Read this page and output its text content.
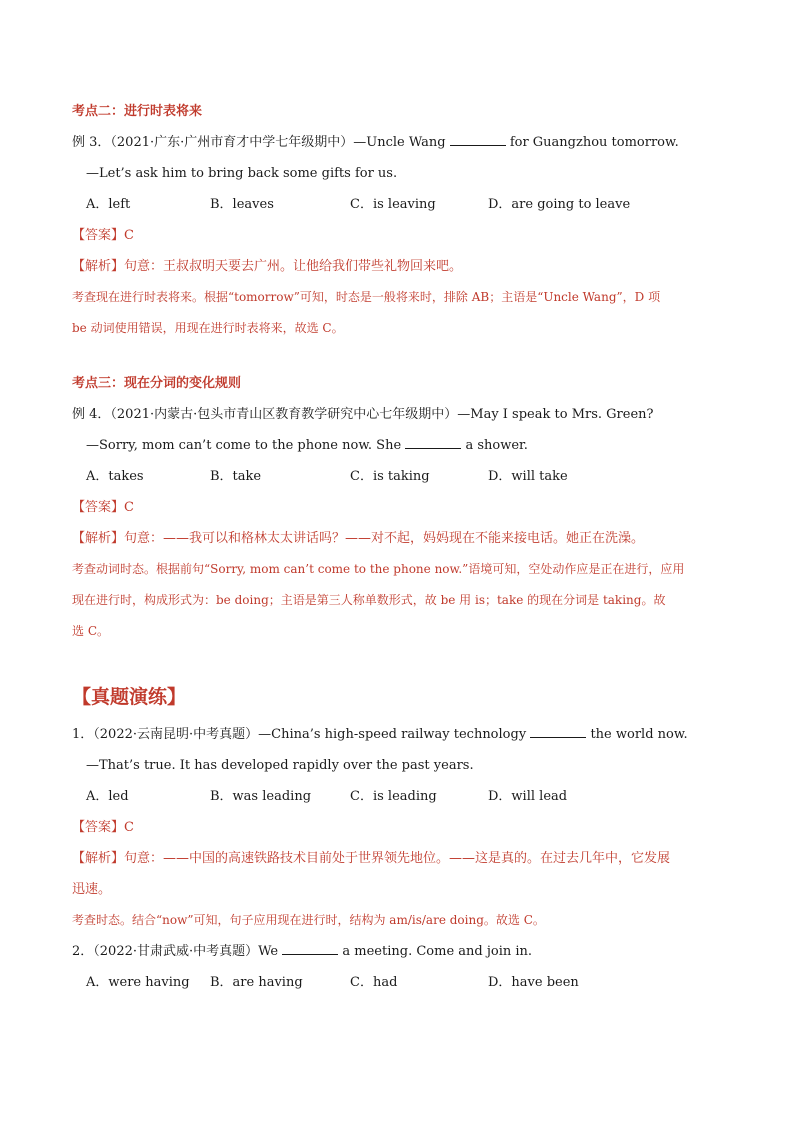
考点二：进行时表将来
例 3．（2021·广东·广州市育才中学七年级期中）—Uncle Wang	for Guangzhou tomorrow.
—Let’s ask him to bring back some gifts for us.
A．left	B．leaves	C．is leaving	D．are going to leave
【答案】C
【解析】句意：王叔叔明天要去广州。让他给我们带些礼物回来吧。
考查现在进行时表将来。根据“tomorrow”可知，时态是一般将来时，排除 AB；主语是“Uncle Wang”，D 项
be 动词使用错误，用现在进行时表将来，故选 C。
考点三：现在分词的变化规则
例 4．（2021·内蒙古·包头市青山区教育教学研究中心七年级期中）—May I speak to Mrs. Green?
—Sorry, mom can’t come to the phone now. She	a shower.
A．takes	B．take	C．is taking	D．will take
【答案】C
【解析】句意：——我可以和格林太太讲话吗？——对不起，妈妈现在不能来接电话。她正在洗澡。
考查动词时态。根据前句“Sorry, mom can’t come to the phone now.”语境可知，空处动作应是正在进行，应用
现在进行时，构成形式为：be doing；主语是第三人称单数形式，故 be 用 is；take 的现在分词是 taking。故
选 C。
【真题演练】
1．（2022·云南昆明·中考真题）—China’s high-speed railway technology	the world now.
—That’s true. It has developed rapidly over the past years.
A．led	B．was leading	C．is leading	D．will lead
【答案】C
【解析】句意：——中国的高速铁路技术目前处于世界领先地位。——这是真的。在过去几年中，它发展
迅速。
考查时态。结合“now”可知，句子应用现在进行时，结构为 am/is/are doing。故选 C。
2．（2022·甘肃武威·中考真题）We	a meeting. Come and join in.
A．were having	B．are having	C．had	D．have been
